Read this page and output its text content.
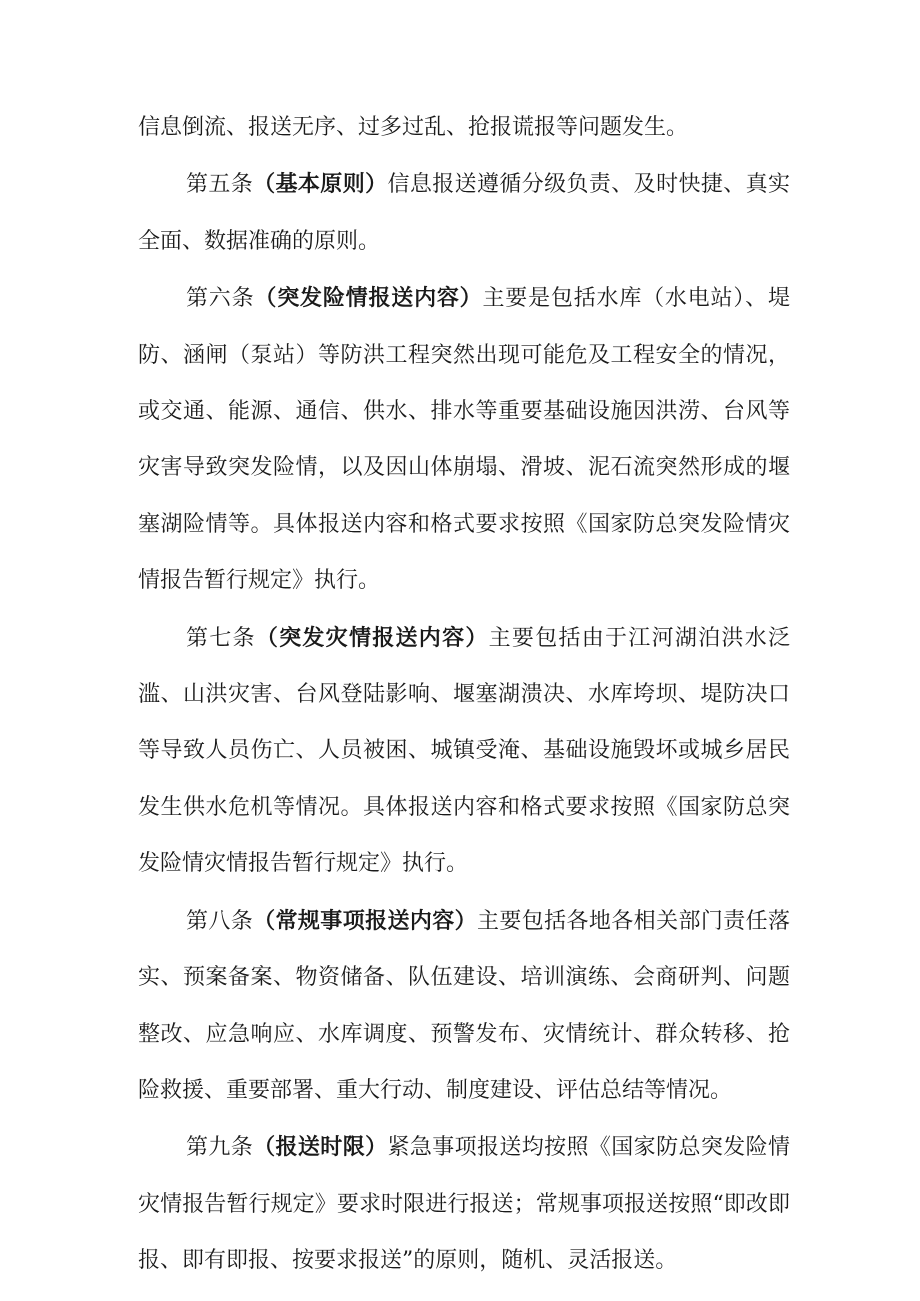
信息倒流、报送无序、过多过乱、抢报谎报等问题发生。

第五条（基本原则）信息报送遵循分级负责、及时快捷、真实全面、数据准确的原则。

第六条（突发险情报送内容）主要是包括水库（水电站）、堤防、涵闸（泵站）等防洪工程突然出现可能危及工程安全的情况，或交通、能源、通信、供水、排水等重要基础设施因洪涝、台风等灾害导致突发险情，以及因山体崩塌、滑坡、泥石流突然形成的堰塞湖险情等。具体报送内容和格式要求按照《国家防总突发险情灾情报告暂行规定》执行。

第七条（突发灾情报送内容）主要包括由于江河湖泊洪水泛滥、山洪灾害、台风登陆影响、堰塞湖溃决、水库垮坝、堤防决口等导致人员伤亡、人员被困、城镇受淹、基础设施毁坏或城乡居民发生供水危机等情况。具体报送内容和格式要求按照《国家防总突发险情灾情报告暂行规定》执行。

第八条（常规事项报送内容）主要包括各地各相关部门责任落实、预案备案、物资储备、队伍建设、培训演练、会商研判、问题整改、应急响应、水库调度、预警发布、灾情统计、群众转移、抢险救援、重要部署、重大行动、制度建设、评估总结等情况。

第九条（报送时限）紧急事项报送均按照《国家防总突发险情灾情报告暂行规定》要求时限进行报送；常规事项报送按照“即改即报、即有即报、按要求报送”的原则，随机、灵活报送。
